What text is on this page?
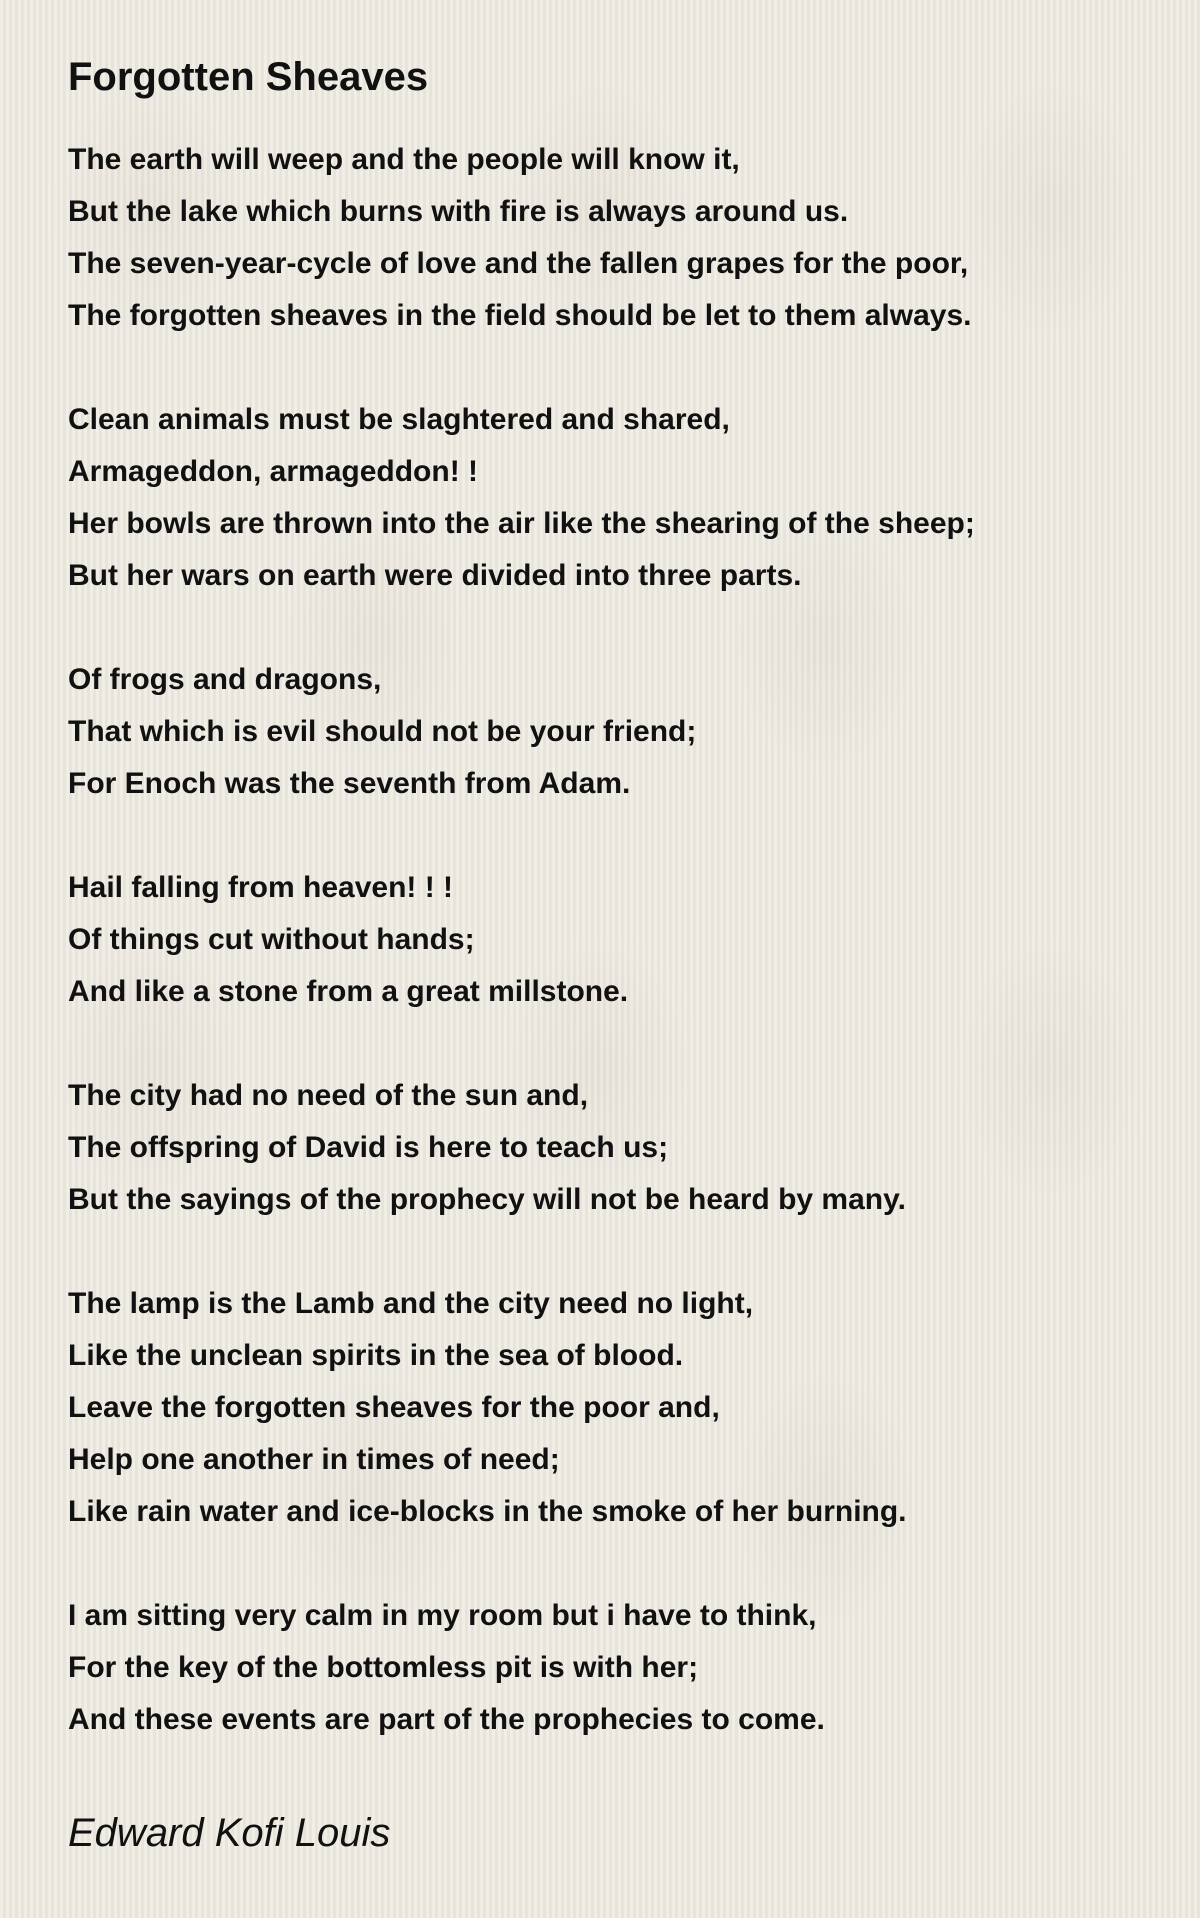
Forgotten Sheaves
The earth will weep and the people will know it,
But the lake which burns with fire is always around us.
The seven-year-cycle of love and the fallen grapes for the poor,
The forgotten sheaves in the field should be let to them always.
Clean animals must be slaghtered and shared,
Armageddon, armageddon! !
Her bowls are thrown into the air like the shearing of the sheep;
But her wars on earth were divided into three parts.
Of frogs and dragons,
That which is evil should not be your friend;
For Enoch was the seventh from Adam.
Hail falling from heaven! ! !
Of things cut without hands;
And like a stone from a great millstone.
The city had no need of the sun and,
The offspring of David is here to teach us;
But the sayings of the prophecy will not be heard by many.
The lamp is the Lamb and the city need no light,
Like the unclean spirits in the sea of blood.
Leave the forgotten sheaves for the poor and,
Help one another in times of need;
Like rain water and ice-blocks in the smoke of her burning.
I am sitting very calm in my room but i have to think,
For the key of the bottomless pit is with her;
And these events are part of the prophecies to come.
Edward Kofi Louis
